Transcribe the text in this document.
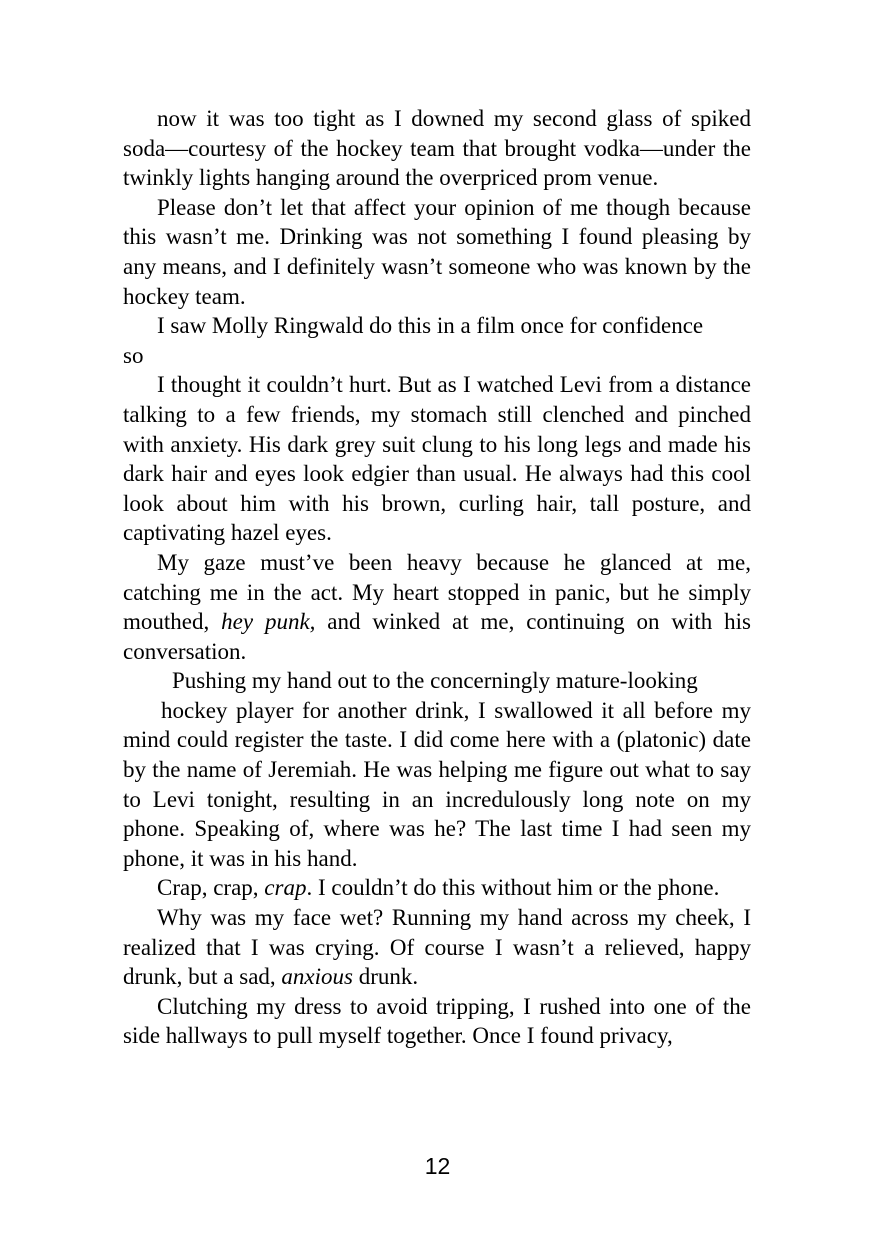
now it was too tight as I downed my second glass of spiked soda—courtesy of the hockey team that brought vodka—under the twinkly lights hanging around the overpriced prom venue.

Please don’t let that affect your opinion of me though because this wasn’t me. Drinking was not something I found pleasing by any means, and I definitely wasn’t someone who was known by the hockey team.

I saw Molly Ringwald do this in a film once for confidence

so

I thought it couldn’t hurt. But as I watched Levi from a distance talking to a few friends, my stomach still clenched and pinched with anxiety. His dark grey suit clung to his long legs and made his dark hair and eyes look edgier than usual. He always had this cool look about him with his brown, curling hair, tall posture, and captivating hazel eyes.

My gaze must’ve been heavy because he glanced at me, catching me in the act. My heart stopped in panic, but he simply mouthed, hey punk, and winked at me, continuing on with his conversation.

Pushing my hand out to the concerningly mature-looking

hockey player for another drink, I swallowed it all before my mind could register the taste. I did come here with a (platonic) date by the name of Jeremiah. He was helping me figure out what to say to Levi tonight, resulting in an incredulously long note on my phone. Speaking of, where was he? The last time I had seen my phone, it was in his hand.

Crap, crap, crap. I couldn’t do this without him or the phone.

Why was my face wet? Running my hand across my cheek, I realized that I was crying. Of course I wasn’t a relieved, happy drunk, but a sad, anxious drunk.

Clutching my dress to avoid tripping, I rushed into one of the side hallways to pull myself together. Once I found privacy,

12
